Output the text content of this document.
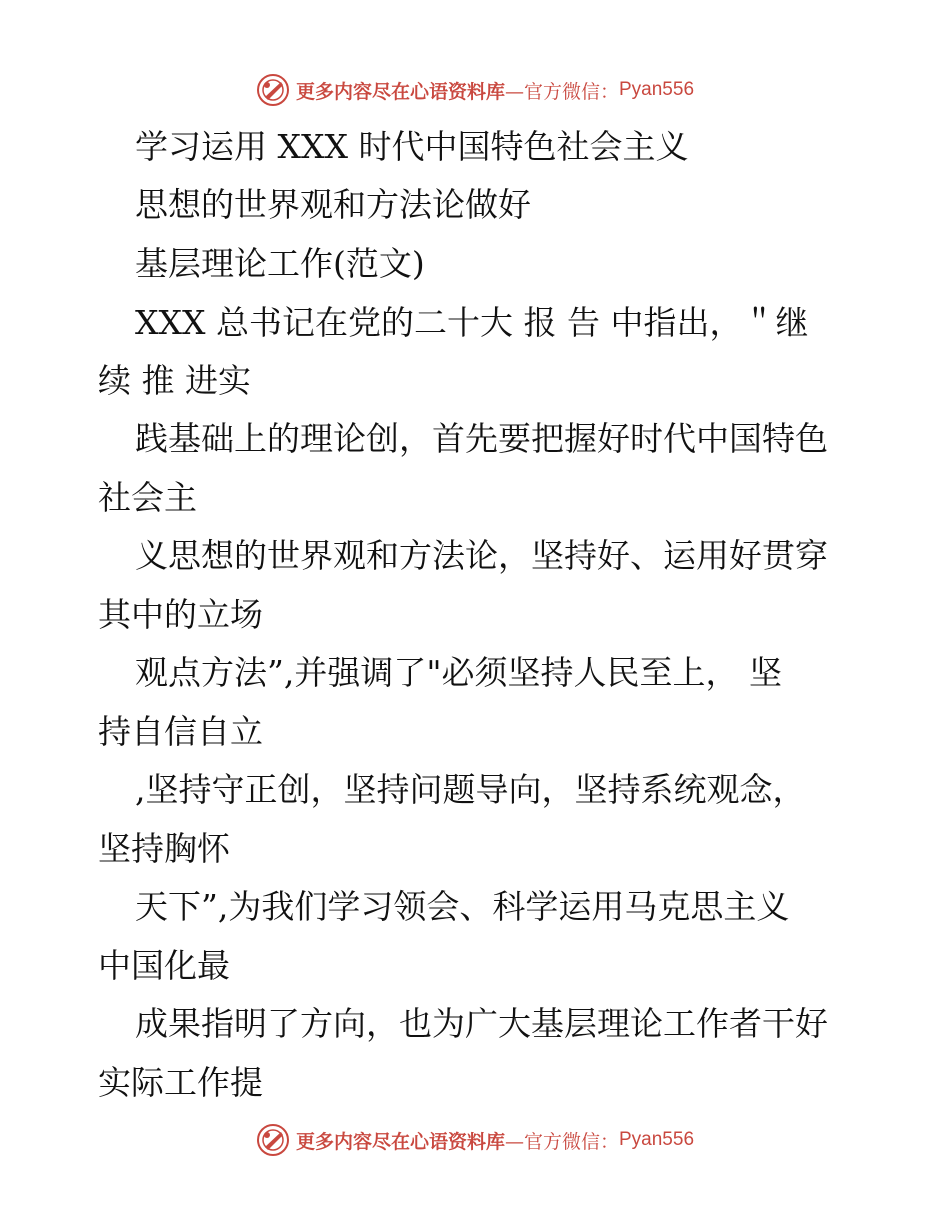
更多内容尽在心语资料库 —官方微信： Pyan556
学习运用 XXX 时代中国特色社会主义
思想的世界观和方法论做好
基层理论工作(范文)
XXX 总书记在党的二十大 报 告 中指出，＂继
续 推 进实
践基础上的理论创，首先要把握好时代中国特色
社会主
义思想的世界观和方法论，坚持好、运用好贯穿
其中的立场
观点方法”,并强调了"必须坚持人民至上， 坚
持自信自立
,坚持守正创，坚持问题导向，坚持系统观念，
坚持胸怀
天下”,为我们学习领会、科学运用马克思主义
中国化最
成果指明了方向，也为广大基层理论工作者干好
实际工作提
更多内容尽在心语资料库 —官方微信： Pyan556
